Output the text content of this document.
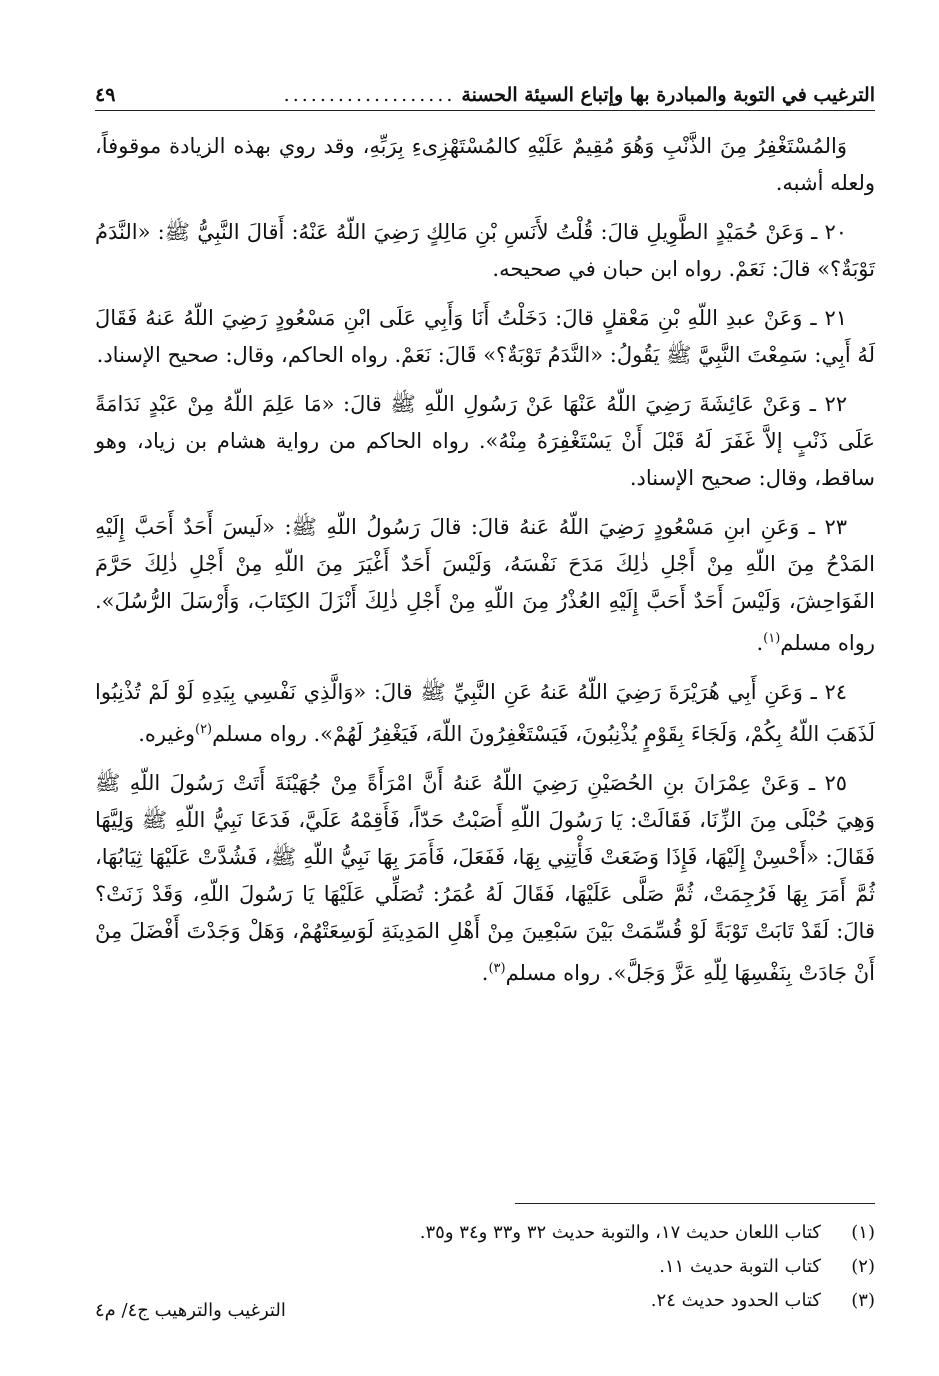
الترغيب في التوبة والمبادرة بها وإتباع السيئة الحسنة
...................
٤٩

وَالمُسْتَغْفِرُ مِنَ الذَّنْبِ وَهُوَ مُقِيمٌ عَلَيْهِ كالمُسْتَهْزِىءِ بِرَبِّهِ، وقد روي بهذه الزيادة موقوفاً، ولعله أشبه.

٢٠ ـ وَعَنْ حُمَيْدٍ الطَّوِيلِ قالَ: قُلْتُ لأَنَسِ بْنِ مَالِكٍ رَضِيَ اللّهُ عَنْهُ: أَقالَ النَّبِيُّ ﷺ: «النَّدَمُ تَوْبَةٌ؟» قالَ: نَعَمْ. رواه ابن حبان في صحيحه.

٢١ ـ وَعَنْ عبدِ اللّهِ بْنِ مَعْقلٍ قالَ: دَخَلْتُ أَنَا وَأَبِي عَلَى ابْنِ مَسْعُودٍ رَضِيَ اللّهُ عَنهُ فَقَالَ لَهُ أَبِي: سَمِعْتَ النَّبِيَّ ﷺ يَقُولُ: «النَّدَمُ تَوْبَةٌ؟» قَالَ: نَعَمْ. رواه الحاكم، وقال: صحيح الإسناد.

٢٢ ـ وَعَنْ عَائِشَةَ رَضِيَ اللّهُ عَنْهَا عَنْ رَسُولِ اللّهِ ﷺ قالَ: «مَا عَلِمَ اللّهُ مِنْ عَبْدٍ نَدَامَةً عَلَى ذَنْبٍ إلاَّ غَفَرَ لَهُ قَبْلَ أَنْ يَسْتَغْفِرَهُ مِنْهُ». رواه الحاكم من رواية هشام بن زياد، وهو ساقط، وقال: صحيح الإسناد.

٢٣ ـ وَعَنِ ابنِ مَسْعُودٍ رَضِيَ اللّهُ عَنهُ قالَ: قالَ رَسُولُ اللّهِ ﷺ: «لَيسَ أَحَدٌ أَحَبَّ إِلَيْهِ المَدْحُ مِنَ اللّهِ مِنْ أَجْلِ ذٰلِكَ مَدَحَ نَفْسَهُ، وَلَيْسَ أَحَدٌ أَغْيَرَ مِنَ اللّهِ مِنْ أَجْلِ ذٰلِكَ حَرَّمَ الفَوَاحِشَ، وَلَيْسَ أَحَدٌ أَحَبَّ إِلَيْهِ العُذْرُ مِنَ اللّهِ مِنْ أَجْلِ ذٰلِكَ أَنْزَلَ الكِتَابَ، وَأَرْسَلَ الرُّسُلَ». رواه مسلم$^{(١)}$.

٢٤ ـ وَعَنِ أَبِي هُرَيْرَةَ رَضِيَ اللّهُ عَنهُ عَنِ النَّبِيِّ ﷺ قالَ: «وَالَّذِي نَفْسِي بِيَدِهِ لَوْ لَمْ تُذْنِبُوا لَذَهَبَ اللّهُ بِكُمْ، وَلَجَاءَ بِقَوْمٍ يُذْنِبُونَ، فَيَسْتَغْفِرُونَ اللّهَ، فَيَغْفِرُ لَهُمْ». رواه مسلم$^{(٢)}$وغيره.

٢٥ ـ وَعَنْ عِمْرَانَ بنِ الحُصَيْنِ رَضِيَ اللّهُ عَنهُ أَنَّ امْرَأَةً مِنْ جُهَيْنَةَ أَتَتْ رَسُولَ اللّهِ ﷺ وَهِيَ حُبْلَى مِنَ الزِّنَا، فَقَالَتْ: يَا رَسُولَ اللّهِ أَصَبْتُ حَدّاً، فَأَقِمْهُ عَلَيَّ، فَدَعَا نَبِيُّ اللّهِ ﷺ وَلِيَّهَا فَقَالَ: «أَحْسِنْ إِلَيْهَا، فَإِذَا وَضَعَتْ فَأْتِنِي بِهَا، فَفَعَلَ، فَأَمَرَ بِهَا نَبِيُّ اللّهِ ﷺ، فَشُدَّتْ عَلَيْهَا ثِيَابُهَا، ثُمَّ أَمَرَ بِهَا فَرُجِمَتْ، ثُمَّ صَلَّى عَلَيْهَا، فَقَالَ لَهُ عُمَرُ: تُصَلِّي عَلَيْهَا يَا رَسُولَ اللّهِ، وَقَدْ زَنَتْ؟ قالَ: لَقَدْ تَابَتْ تَوْبَةً لَوْ قُسِّمَتْ بَيْنَ سَبْعِينَ مِنْ أَهْلِ المَدِينَةِ لَوَسِعَتْهُمْ، وَهَلْ وَجَدْتَ أَفْضَلَ مِنْ أَنْ جَادَتْ بِنَفْسِهَا لِلّهِ عَزَّ وَجَلَّ». رواه مسلم$^{(٣)}$.

(١)
كتاب اللعان حديث ١٧، والتوبة حديث ٣٢ و٣٣ و٣٤ و٣٥.
(٢)
كتاب التوبة حديث ١١.
(٣)
كتاب الحدود حديث ٢٤.
الترغيب والترهيب ج٤/ م٤
